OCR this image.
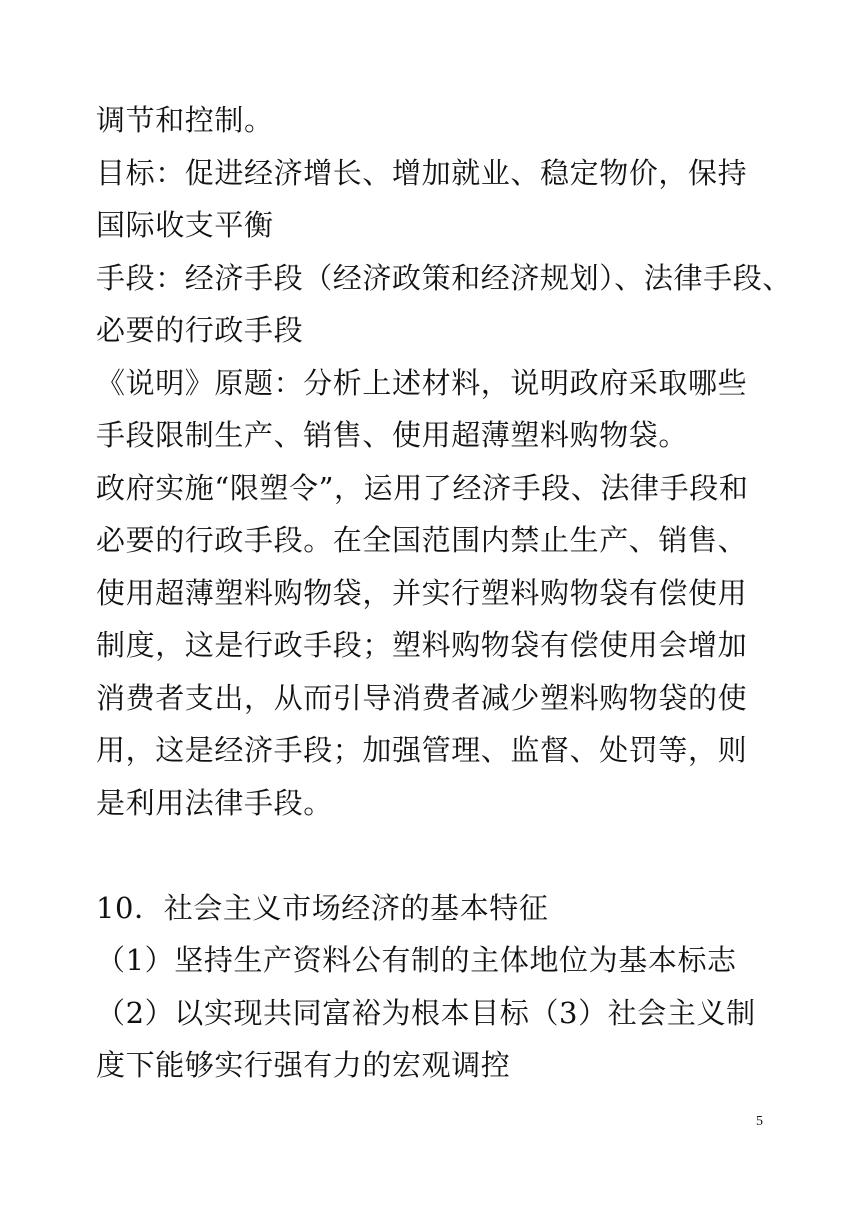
调节和控制。
目标：促进经济增长、增加就业、稳定物价，保持
国际收支平衡
手段：经济手段（经济政策和经济规划）、法律手段、
必要的行政手段
《说明》原题：分析上述材料，说明政府采取哪些
手段限制生产、销售、使用超薄塑料购物袋。
政府实施“限塑令”，运用了经济手段、法律手段和
必要的行政手段。在全国范围内禁止生产、销售、
使用超薄塑料购物袋，并实行塑料购物袋有偿使用
制度，这是行政手段；塑料购物袋有偿使用会增加
消费者支出，从而引导消费者减少塑料购物袋的使
用，这是经济手段；加强管理、监督、处罚等，则
是利用法律手段。
10．社会主义市场经济的基本特征
（1）坚持生产资料公有制的主体地位为基本标志
（2）以实现共同富裕为根本目标（3）社会主义制
度下能够实行强有力的宏观调控
5
